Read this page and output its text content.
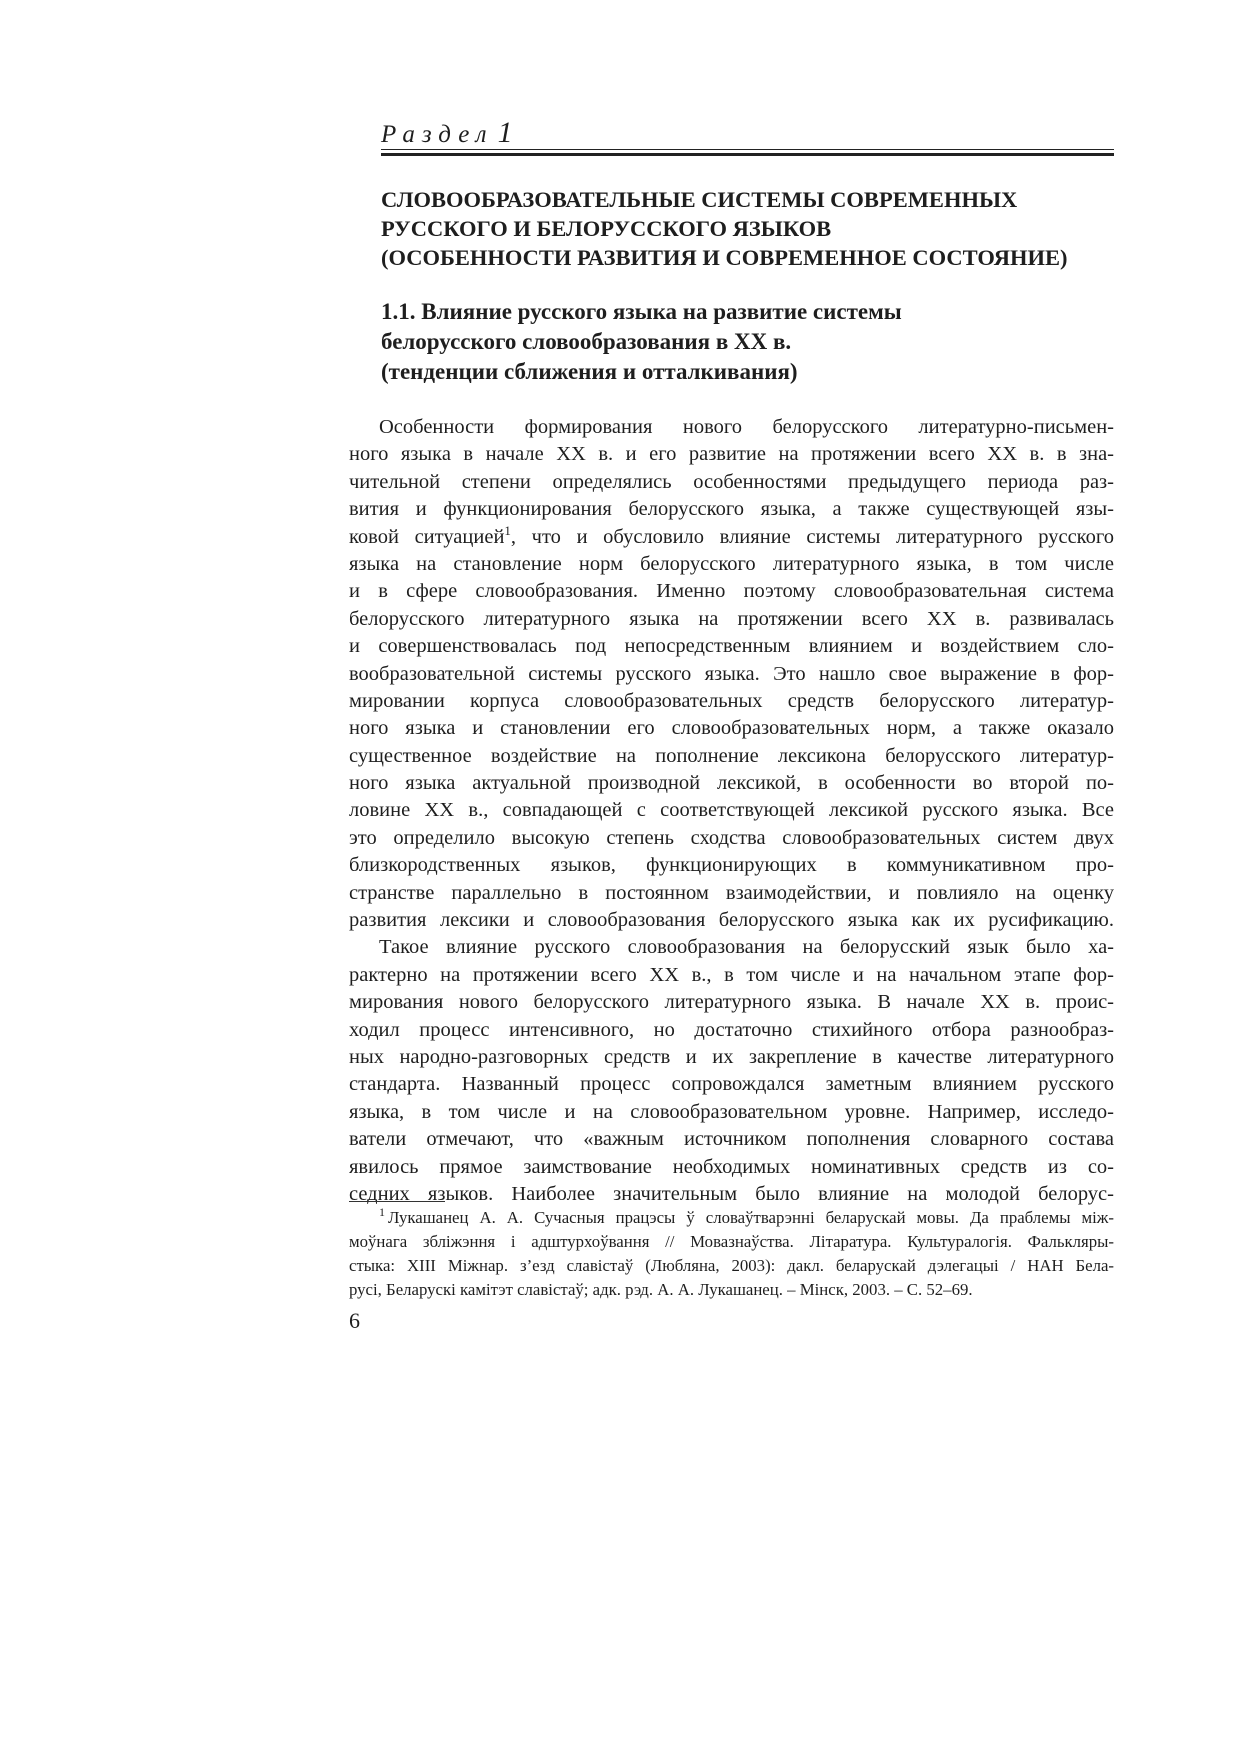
Раздел 1
СЛОВООБРАЗОВАТЕЛЬНЫЕ СИСТЕМЫ СОВРЕМЕННЫХ
РУССКОГО И БЕЛОРУССКОГО ЯЗЫКОВ
(ОСОБЕННОСТИ РАЗВИТИЯ И СОВРЕМЕННОЕ СОСТОЯНИЕ)
1.1. Влияние русского языка на развитие системы
белорусского словообразования в XX в.
(тенденции сближения и отталкивания)
Особенности формирования нового белорусского литературно-письмен-
ного языка в начале XX в. и его развитие на протяжении всего XX в. в зна-
чительной степени определялись особенностями предыдущего периода раз-
вития и функционирования белорусского языка, а также существующей язы-
ковой ситуацией$^1$, что и обусловило влияние системы литературного русского
языка на становление норм белорусского литературного языка, в том числе
и в сфере словообразования. Именно поэтому словообразовательная система
белорусского литературного языка на протяжении всего XX в. развивалась
и совершенствовалась под непосредственным влиянием и воздействием сло-
вообразовательной системы русского языка. Это нашло свое выражение в фор-
мировании корпуса словообразовательных средств белорусского литератур-
ного языка и становлении его словообразовательных норм, а также оказало
существенное воздействие на пополнение лексикона белорусского литератур-
ного языка актуальной производной лексикой, в особенности во второй по-
ловине XX в., совпадающей с соответствующей лексикой русского языка. Все
это определило высокую степень сходства словообразовательных систем двух
близкородственных языков, функционирующих в коммуникативном про-
странстве параллельно в постоянном взаимодействии, и повлияло на оценку
развития лексики и словообразования белорусского языка как их русификацию.
Такое влияние русского словообразования на белорусский язык было ха-
рактерно на протяжении всего XX в., в том числе и на начальном этапе фор-
мирования нового белорусского литературного языка. В начале XX в. проис-
ходил процесс интенсивного, но достаточно стихийного отбора разнообраз-
ных народно-разговорных средств и их закрепление в качестве литературного
стандарта. Названный процесс сопровождался заметным влиянием русского
языка, в том числе и на словообразовательном уровне. Например, исследо-
ватели отмечают, что «важным источником пополнения словарного состава
явилось прямое заимствование необходимых номинативных средств из со-
седних языков. Наиболее значительным было влияние на молодой белорус-
$^1$ Лукашанец А. А. Сучасныя працэсы ў словаўтварэнні беларускай мовы. Да праблемы між-
моўнага зблiжэння і адштурхоўвання // Мовазнаўства. Літаратура. Культуралогія. Фалькляры-
стыка: XIII Міжнар. з’езд славістаў (Любляна, 2003): дакл. беларускай дэлегацыі / НАН Бела-
русі, Беларускі камітэт славістаў; адк. рэд. А. А. Лукашанец. – Мінск, 2003. – С. 52–69.
6
